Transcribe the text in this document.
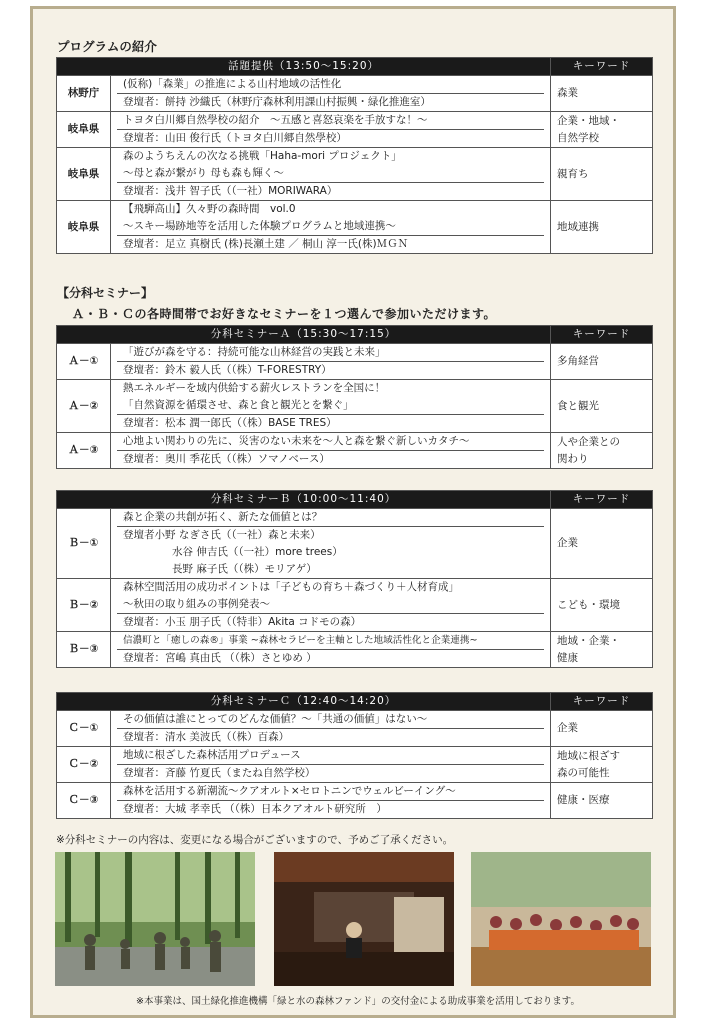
プログラムの紹介
話題提供（13:50～15:20）		キーワード
林野庁	(仮称)「森業」の推進による山村地域の活性化
登壇者：餅持 沙織氏（林野庁森林利用課山村振興・緑化推進室）	森業
岐阜県	トヨタ白川郷自然學校の紹介　～五感と喜怒哀楽を手放すな！～
登壇者：山田 俊行氏（トヨタ白川郷自然學校）	企業・地域・
自然学校

岐阜県	森のようちえんの次なる挑戦「Haha-mori プロジェクト」
～母と森が繋がり 母も森も輝く～
登壇者：浅井 智子氏（（一社）MORIWARA）	親育ち
岐阜県	【飛騨高山】久々野の森時間　vol.0
～スキー場跡地等を活用した体験プログラムと地域連携～
登壇者：足立 真樹氏 (株)長瀬土建 ／ 桐山 淳一氏(株)ＭＧＮ	地域連携
【分科セミナー】
Ａ・Ｂ・Ｃの各時間帯でお好きなセミナーを１つ選んで参加いただけます。
分科セミナーＡ（15:30～17:15）		キーワード
Ａ－①	「遊びが森を守る：持続可能な山林経営の実践と未来」
登壇者：鈴木 毅人氏（（株）T-FORESTRY）	多角経営
Ａ－②	熱エネルギーを域内供給する薪火レストランを全国に！
「自然資源を循環させ、森と食と観光とを繋ぐ」
登壇者：松本 潤一郎氏（（株）BASE TRES）	食と観光
Ａ－③	心地よい関わりの先に、災害のない未来を～人と森を繋ぐ新しいカタチ～
登壇者：奥川 季花氏（（株）ソマノベース）	人や企業との
関わり
分科セミナーＢ（10:00～11:40）		キーワード
Ｂ－①	森と企業の共創が拓く、新たな価値とは？
登壇者小野 なぎさ氏（（一社）森と未来）
水谷 伸吉氏（（一社）more trees）
長野 麻子氏（（株）モリアゲ）	企業
Ｂ－②	森林空間活用の成功ポイントは「子どもの育ち＋森づくり＋人材育成」
～秋田の取り組みの事例発表～
登壇者：小玉 朋子氏（（特非）Akita コドモの森）	こども・環境
Ｂ－③	信濃町と「癒しの森®」事業 ~森林セラピーを主軸とした地域活性化と企業連携~
登壇者：宮嶋 真由氏 （（株）さとゆめ ）	地域・企業・
健康
分科セミナーＣ（12:40～14:20）		キーワード
Ｃ－①	その価値は誰にとってのどんな価値？～「共通の価値」はない～
登壇者：清水 美波氏（（株）百森）	企業
Ｃ－②	地域に根ざした森林活用プロデュース
登壇者：斉藤 竹夏氏（またね自然学校）	地域に根ざす
森の可能性

Ｃ－③	森林を活用する新潮流～クアオルト×セロトニンでウェルビーイング～
登壇者：大城 孝幸氏 （（株）日本クアオルト研究所　）	健康・医療
※分科セミナーの内容は、変更になる場合がございますので、予めご了承ください。
※本事業は、国土緑化推進機構「緑と水の森林ファンド」の交付金による助成事業を活用しております。
